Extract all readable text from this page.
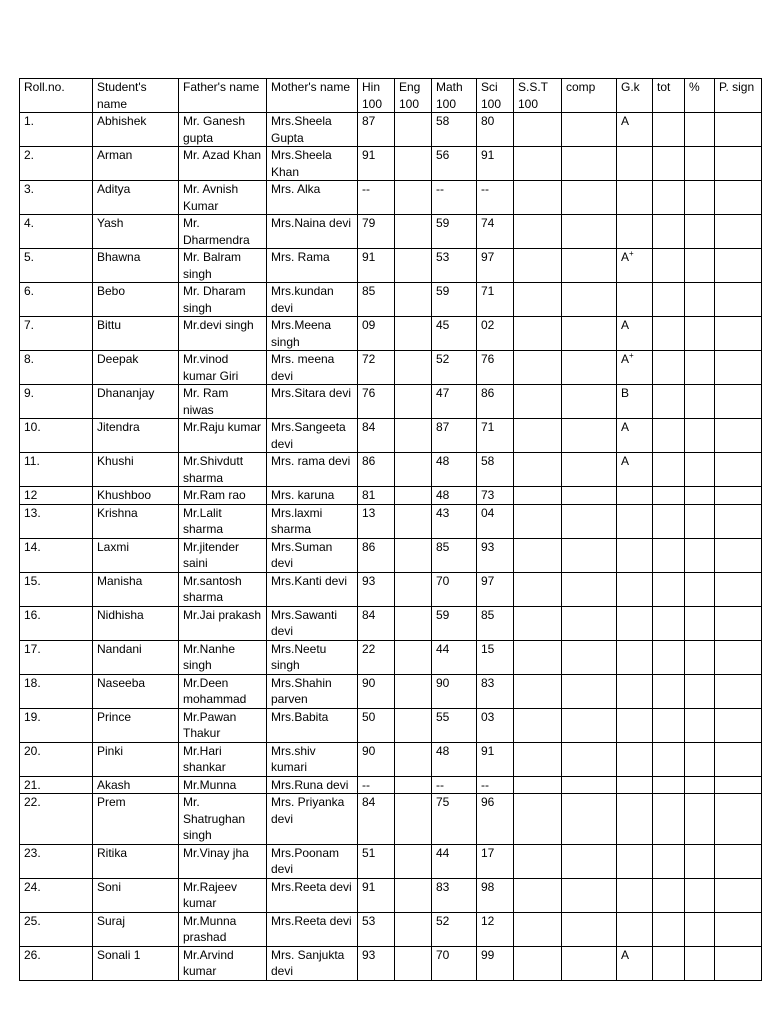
Roll.no.	Student's name	Father's name	Mother's name	Hin 100	Eng 100	Math 100	Sci 100	S.S.T 100	comp	G.k	tot	%	P. sign
1.	Abhishek	Mr. Ganesh gupta	Mrs.Sheela Gupta	87		58	80			A			
2.	Arman	Mr. Azad Khan	Mrs.Sheela Khan	91		56	91						
3.	Aditya	Mr. Avnish Kumar	Mrs. Alka	--		--	--						
4.	Yash	Mr. Dharmendra	Mrs.Naina devi	79		59	74						
5.	Bhawna	Mr. Balram singh	Mrs. Rama	91		53	97			A+			
6.	Bebo	Mr. Dharam singh	Mrs.kundan devi	85		59	71						
7.	Bittu	Mr.devi singh	Mrs.Meena singh	09		45	02			A			
8.	Deepak	Mr.vinod kumar Giri	Mrs. meena devi	72		52	76			A+			
9.	Dhananjay	Mr. Ram niwas	Mrs.Sitara devi	76		47	86			B			
10.	Jitendra	Mr.Raju kumar	Mrs.Sangeeta devi	84		87	71			A			
11.	Khushi	Mr.Shivdutt sharma	Mrs. rama devi	86		48	58			A			
12	Khushboo	Mr.Ram rao	Mrs. karuna	81		48	73						
13.	Krishna	Mr.Lalit sharma	Mrs.laxmi sharma	13		43	04						
14.	Laxmi	Mr.jitender saini	Mrs.Suman devi	86		85	93						
15.	Manisha	Mr.santosh sharma	Mrs.Kanti devi	93		70	97						
16.	Nidhisha	Mr.Jai prakash	Mrs.Sawanti devi	84		59	85						
17.	Nandani	Mr.Nanhe singh	Mrs.Neetu singh	22		44	15						
18.	Naseeba	Mr.Deen mohammad	Mrs.Shahin parven	90		90	83						
19.	Prince	Mr.Pawan Thakur	Mrs.Babita	50		55	03						
20.	Pinki	Mr.Hari shankar	Mrs.shiv kumari	90		48	91						
21.	Akash	Mr.Munna	Mrs.Runa devi	--		--	--						
22.	Prem	Mr. Shatrughan singh	Mrs. Priyanka devi	84		75	96						
23.	Ritika	Mr.Vinay jha	Mrs.Poonam devi	51		44	17						
24.	Soni	Mr.Rajeev kumar	Mrs.Reeta devi	91		83	98						
25.	Suraj	Mr.Munna prashad	Mrs.Reeta devi	53		52	12						
26.	Sonali 1	Mr.Arvind kumar	Mrs. Sanjukta devi	93		70	99			A			
